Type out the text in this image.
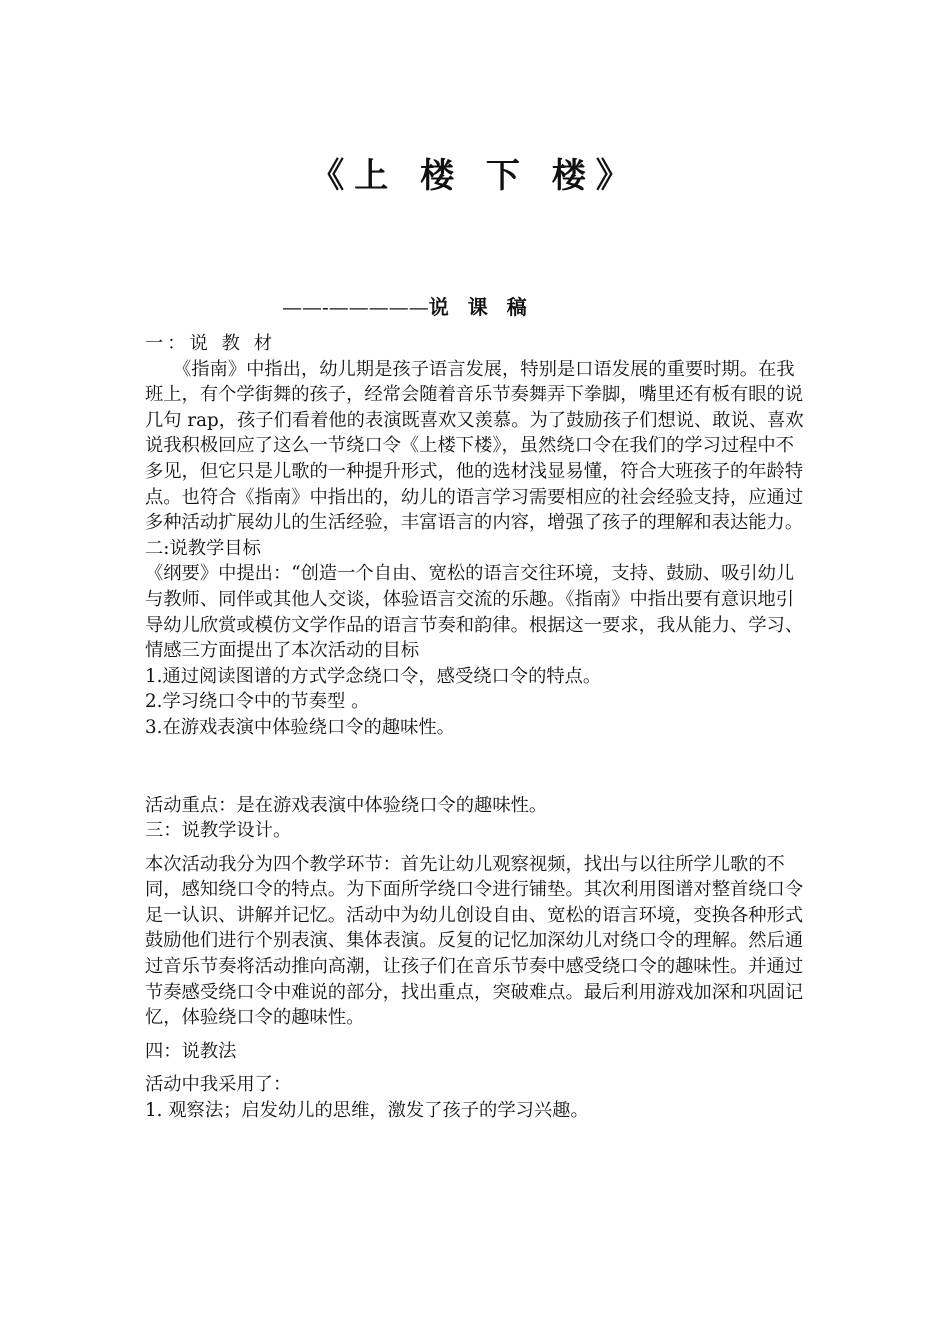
《上 楼 下 楼》
——-—————说 课 稿

一：说 教 材

《指南》中指出，幼儿期是孩子语言发展，特别是口语发展的重要时期。在我班上，有个学街舞的孩子，经常会随着音乐节奏舞弄下拳脚，嘴里还有板有眼的说几句 rap，孩子们看着他的表演既喜欢又羡慕。为了鼓励孩子们想说、敢说、喜欢说我积极回应了这么一节绕口令《上楼下楼》，虽然绕口令在我们的学习过程中不多见，但它只是儿歌的一种提升形式，他的选材浅显易懂，符合大班孩子的年龄特点。也符合《指南》中指出的，幼儿的语言学习需要相应的社会经验支持，应通过多种活动扩展幼儿的生活经验，丰富语言的内容，增强了孩子的理解和表达能力。

二:说教学目标

《纲要》中提出：“创造一个自由、宽松的语言交往环境，支持、鼓励、吸引幼儿与教师、同伴或其他人交谈，体验语言交流的乐趣。《指南》中指出要有意识地引导幼儿欣赏或模仿文学作品的语言节奏和韵律。根据这一要求，我从能力、学习、情感三方面提出了本次活动的目标

1.通过阅读图谱的方式学念绕口令，感受绕口令的特点。

2.学习绕口令中的节奏型 。

3.在游戏表演中体验绕口令的趣味性。

活动重点：是在游戏表演中体验绕口令的趣味性。

三：说教学设计。

本次活动我分为四个教学环节：首先让幼儿观察视频，找出与以往所学儿歌的不同，感知绕口令的特点。为下面所学绕口令进行铺垫。其次利用图谱对整首绕口令足一认识、讲解并记忆。活动中为幼儿创设自由、宽松的语言环境，变换各种形式鼓励他们进行个别表演、集体表演。反复的记忆加深幼儿对绕口令的理解。然后通过音乐节奏将活动推向高潮，让孩子们在音乐节奏中感受绕口令的趣味性。并通过节奏感受绕口令中难说的部分，找出重点，突破难点。最后利用游戏加深和巩固记忆，体验绕口令的趣味性。

四：说教法

活动中我采用了：

1. 观察法；启发幼儿的思维，激发了孩子的学习兴趣。
